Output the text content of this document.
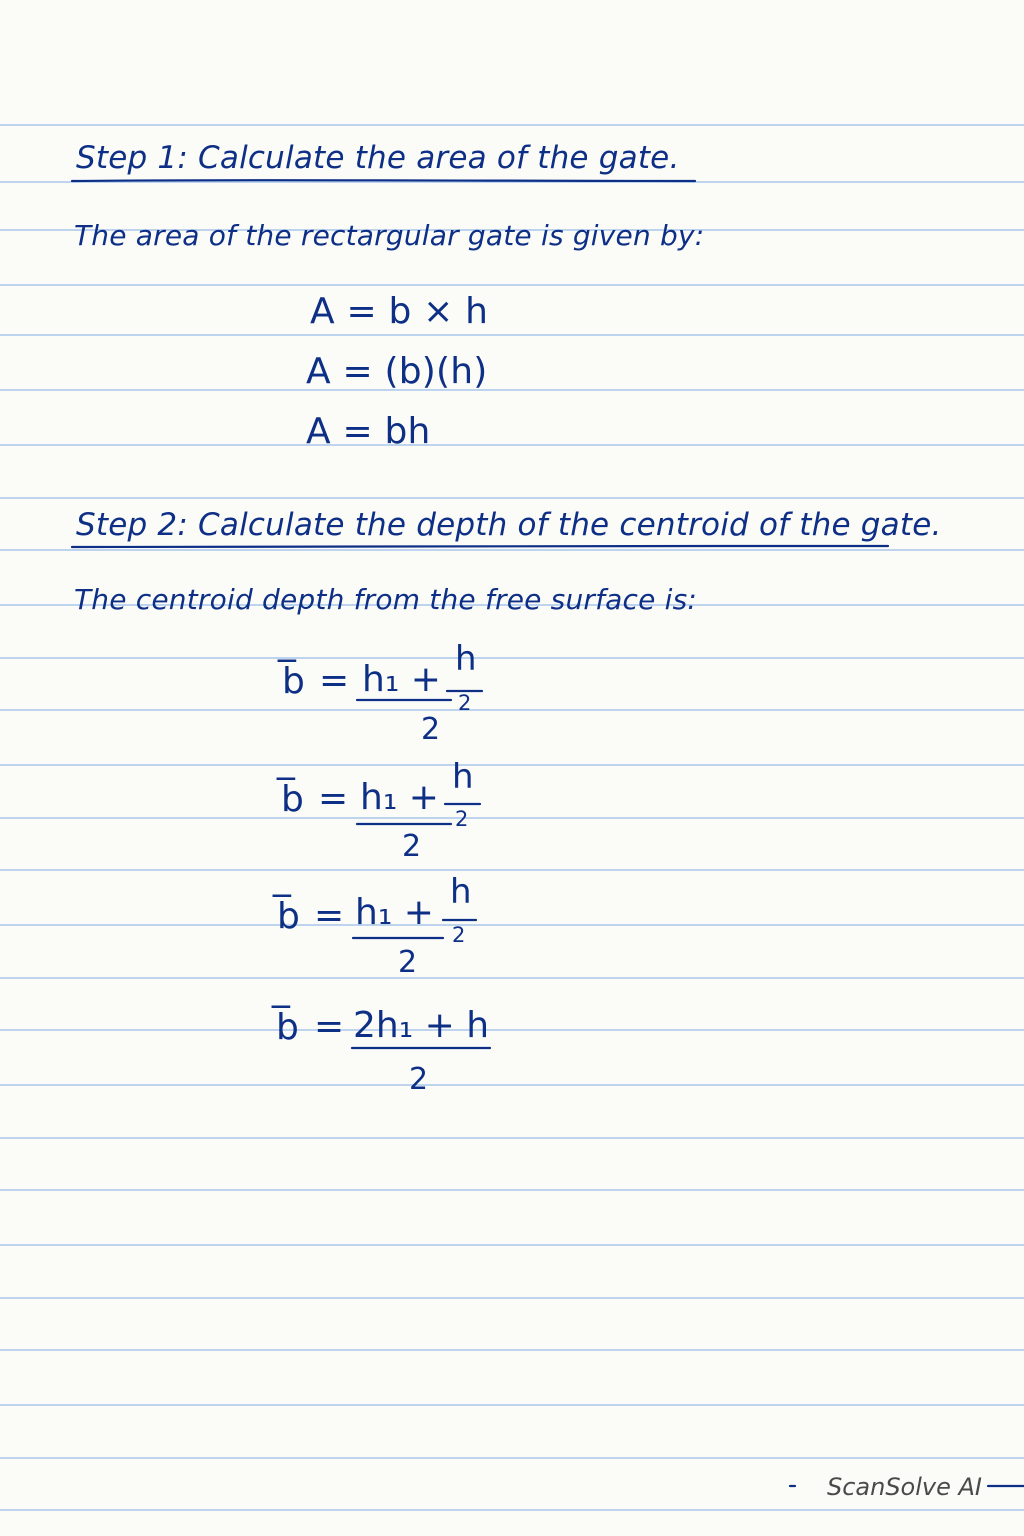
Step 1: Calculate the area of the gate.
The area of the rectargular gate is given by:
A = b × h
A = (b)(h)
A = bh
Step 2: Calculate the depth of the centroid of the gate.
The centroid depth from the free surface is:
b̅ = h₁ + h
2
2
b̅ = h₁ + h
2
2
b̅ = h₁ + h
2
2
b̅ = 2h₁ + h
2
ScanSolve AI
